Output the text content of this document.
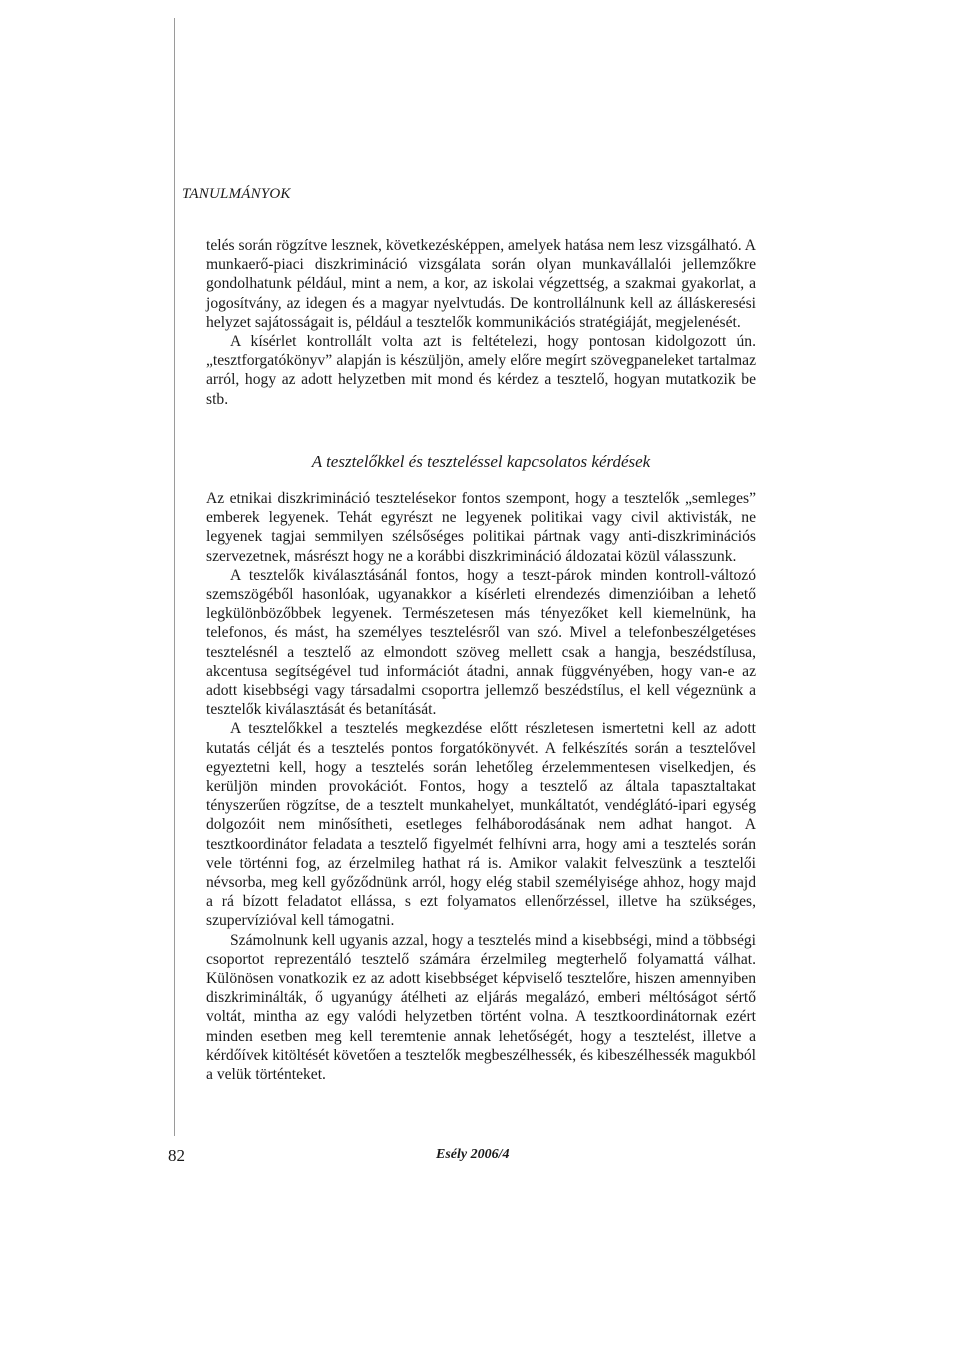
TANULMÁNYOK

telés során rögzítve lesznek, következésképpen, amelyek hatása nem lesz vizsgálható. A munkaerő-piaci diszkrimináció vizsgálata során olyan munkavállalói jellemzőkre gondolhatunk például, mint a nem, a kor, az iskolai végzettség, a szakmai gyakorlat, a jogosítvány, az idegen és a magyar nyelvtudás. De kontrollálnunk kell az álláskeresési helyzet sajátosságait is, például a tesztelők kommunikációs stratégiáját, megjelenését.

A kísérlet kontrollált volta azt is feltételezi, hogy pontosan kidolgozott ún. „tesztforgatókönyv” alapján is készüljön, amely előre megírt szövegpaneleket tartalmaz arról, hogy az adott helyzetben mit mond és kérdez a tesztelő, hogyan mutatkozik be stb.

A tesztelőkkel és teszteléssel kapcsolatos kérdések

Az etnikai diszkrimináció tesztelésekor fontos szempont, hogy a tesztelők „semleges” emberek legyenek. Tehát egyrészt ne legyenek politikai vagy civil aktivisták, ne legyenek tagjai semmilyen szélsőséges politikai pártnak vagy anti-diszkriminációs szervezetnek, másrészt hogy ne a korábbi diszkrimináció áldozatai közül válasszunk.

A tesztelők kiválasztásánál fontos, hogy a teszt-párok minden kontroll-változó szemszögéből hasonlóak, ugyanakkor a kísérleti elrendezés dimenzióiban a lehető legkülönbözőbbek legyenek. Természetesen más tényezőket kell kiemelnünk, ha telefonos, és mást, ha személyes tesztelésről van szó. Mivel a telefonbeszélgetéses tesztelésnél a tesztelő az elmondott szöveg mellett csak a hangja, beszédstílusa, akcentusa segítségével tud információt átadni, annak függvényében, hogy van-e az adott kisebbségi vagy társadalmi csoportra jellemző beszédstílus, el kell végeznünk a tesztelők kiválasztását és betanítását.

A tesztelőkkel a tesztelés megkezdése előtt részletesen ismertetni kell az adott kutatás célját és a tesztelés pontos forgatókönyvét. A felkészítés során a tesztelővel egyeztetni kell, hogy a tesztelés során lehetőleg érzelemmentesen viselkedjen, és kerüljön minden provokációt. Fontos, hogy a tesztelő az általa tapasztaltakat tényszerűen rögzítse, de a tesztelt munkahelyet, munkáltatót, vendéglátó-ipari egység dolgozóit nem minősítheti, esetleges felháborodásának nem adhat hangot. A tesztkoordinátor feladata a tesztelő figyelmét felhívni arra, hogy ami a tesztelés során vele történni fog, az érzelmileg hathat rá is. Amikor valakit felveszünk a tesztelői névsorba, meg kell győződnünk arról, hogy elég stabil személyisége ahhoz, hogy majd a rá bízott feladatot ellássa, s ezt folyamatos ellenőrzéssel, illetve ha szükséges, szupervízióval kell támogatni.

Számolnunk kell ugyanis azzal, hogy a tesztelés mind a kisebbségi, mind a többségi csoportot reprezentáló tesztelő számára érzelmileg megterhelő folyamattá válhat. Különösen vonatkozik ez az adott kisebbséget képviselő tesztelőre, hiszen amennyiben diszkriminálták, ő ugyanúgy átélheti az eljárás megalázó, emberi méltóságot sértő voltát, mintha az egy valódi helyzetben történt volna. A tesztkoordinátornak ezért minden esetben meg kell teremtenie annak lehetőségét, hogy a tesztelést, illetve a kérdőívek kitöltését követően a tesztelők megbeszélhessék, és kibeszélhessék magukból a velük történteket.

82	Esély 2006/4
